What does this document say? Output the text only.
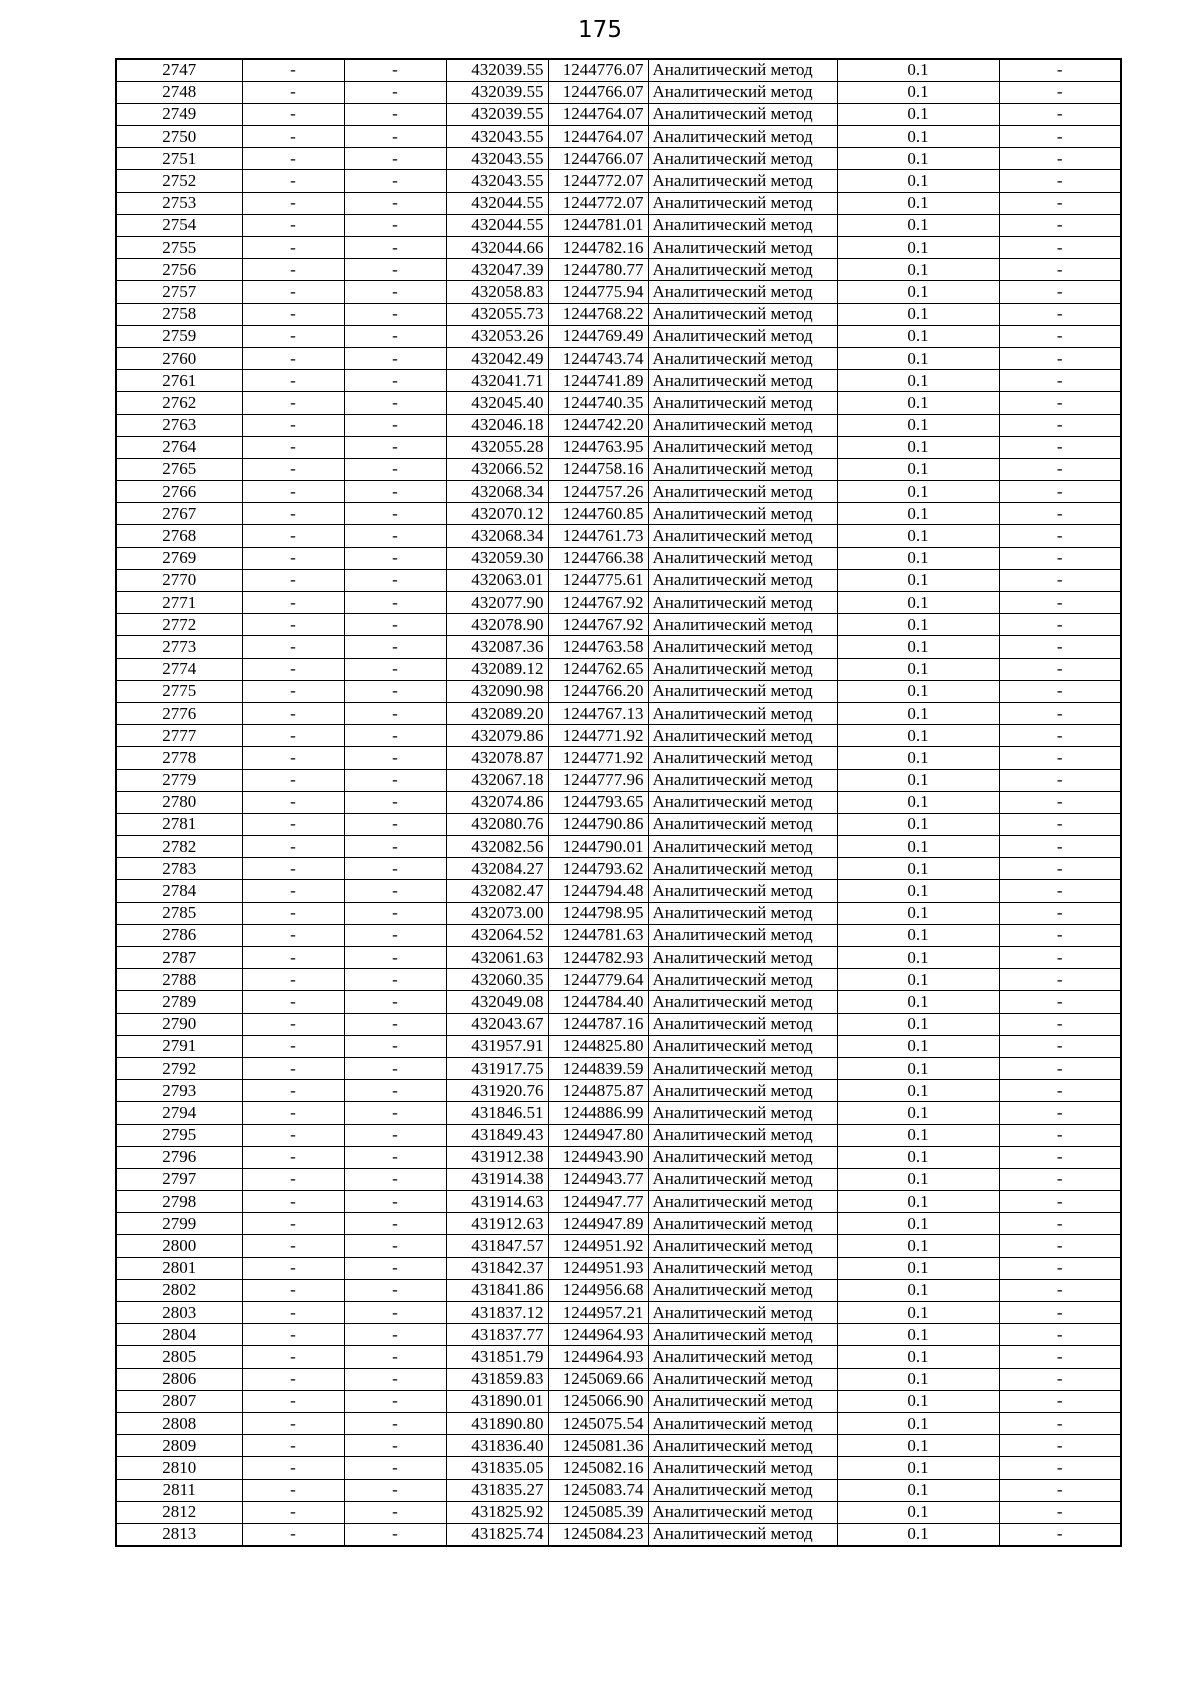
175
2747	-	-	432039.55	1244776.07	Аналитический метод	0.1	-
2748	-	-	432039.55	1244766.07	Аналитический метод	0.1	-
2749	-	-	432039.55	1244764.07	Аналитический метод	0.1	-
2750	-	-	432043.55	1244764.07	Аналитический метод	0.1	-
2751	-	-	432043.55	1244766.07	Аналитический метод	0.1	-
2752	-	-	432043.55	1244772.07	Аналитический метод	0.1	-
2753	-	-	432044.55	1244772.07	Аналитический метод	0.1	-
2754	-	-	432044.55	1244781.01	Аналитический метод	0.1	-
2755	-	-	432044.66	1244782.16	Аналитический метод	0.1	-
2756	-	-	432047.39	1244780.77	Аналитический метод	0.1	-
2757	-	-	432058.83	1244775.94	Аналитический метод	0.1	-
2758	-	-	432055.73	1244768.22	Аналитический метод	0.1	-
2759	-	-	432053.26	1244769.49	Аналитический метод	0.1	-
2760	-	-	432042.49	1244743.74	Аналитический метод	0.1	-
2761	-	-	432041.71	1244741.89	Аналитический метод	0.1	-
2762	-	-	432045.40	1244740.35	Аналитический метод	0.1	-
2763	-	-	432046.18	1244742.20	Аналитический метод	0.1	-
2764	-	-	432055.28	1244763.95	Аналитический метод	0.1	-
2765	-	-	432066.52	1244758.16	Аналитический метод	0.1	-
2766	-	-	432068.34	1244757.26	Аналитический метод	0.1	-
2767	-	-	432070.12	1244760.85	Аналитический метод	0.1	-
2768	-	-	432068.34	1244761.73	Аналитический метод	0.1	-
2769	-	-	432059.30	1244766.38	Аналитический метод	0.1	-
2770	-	-	432063.01	1244775.61	Аналитический метод	0.1	-
2771	-	-	432077.90	1244767.92	Аналитический метод	0.1	-
2772	-	-	432078.90	1244767.92	Аналитический метод	0.1	-
2773	-	-	432087.36	1244763.58	Аналитический метод	0.1	-
2774	-	-	432089.12	1244762.65	Аналитический метод	0.1	-
2775	-	-	432090.98	1244766.20	Аналитический метод	0.1	-
2776	-	-	432089.20	1244767.13	Аналитический метод	0.1	-
2777	-	-	432079.86	1244771.92	Аналитический метод	0.1	-
2778	-	-	432078.87	1244771.92	Аналитический метод	0.1	-
2779	-	-	432067.18	1244777.96	Аналитический метод	0.1	-
2780	-	-	432074.86	1244793.65	Аналитический метод	0.1	-
2781	-	-	432080.76	1244790.86	Аналитический метод	0.1	-
2782	-	-	432082.56	1244790.01	Аналитический метод	0.1	-
2783	-	-	432084.27	1244793.62	Аналитический метод	0.1	-
2784	-	-	432082.47	1244794.48	Аналитический метод	0.1	-
2785	-	-	432073.00	1244798.95	Аналитический метод	0.1	-
2786	-	-	432064.52	1244781.63	Аналитический метод	0.1	-
2787	-	-	432061.63	1244782.93	Аналитический метод	0.1	-
2788	-	-	432060.35	1244779.64	Аналитический метод	0.1	-
2789	-	-	432049.08	1244784.40	Аналитический метод	0.1	-
2790	-	-	432043.67	1244787.16	Аналитический метод	0.1	-
2791	-	-	431957.91	1244825.80	Аналитический метод	0.1	-
2792	-	-	431917.75	1244839.59	Аналитический метод	0.1	-
2793	-	-	431920.76	1244875.87	Аналитический метод	0.1	-
2794	-	-	431846.51	1244886.99	Аналитический метод	0.1	-
2795	-	-	431849.43	1244947.80	Аналитический метод	0.1	-
2796	-	-	431912.38	1244943.90	Аналитический метод	0.1	-
2797	-	-	431914.38	1244943.77	Аналитический метод	0.1	-
2798	-	-	431914.63	1244947.77	Аналитический метод	0.1	-
2799	-	-	431912.63	1244947.89	Аналитический метод	0.1	-
2800	-	-	431847.57	1244951.92	Аналитический метод	0.1	-
2801	-	-	431842.37	1244951.93	Аналитический метод	0.1	-
2802	-	-	431841.86	1244956.68	Аналитический метод	0.1	-
2803	-	-	431837.12	1244957.21	Аналитический метод	0.1	-
2804	-	-	431837.77	1244964.93	Аналитический метод	0.1	-
2805	-	-	431851.79	1244964.93	Аналитический метод	0.1	-
2806	-	-	431859.83	1245069.66	Аналитический метод	0.1	-
2807	-	-	431890.01	1245066.90	Аналитический метод	0.1	-
2808	-	-	431890.80	1245075.54	Аналитический метод	0.1	-
2809	-	-	431836.40	1245081.36	Аналитический метод	0.1	-
2810	-	-	431835.05	1245082.16	Аналитический метод	0.1	-
2811	-	-	431835.27	1245083.74	Аналитический метод	0.1	-
2812	-	-	431825.92	1245085.39	Аналитический метод	0.1	-
2813	-	-	431825.74	1245084.23	Аналитический метод	0.1	-
